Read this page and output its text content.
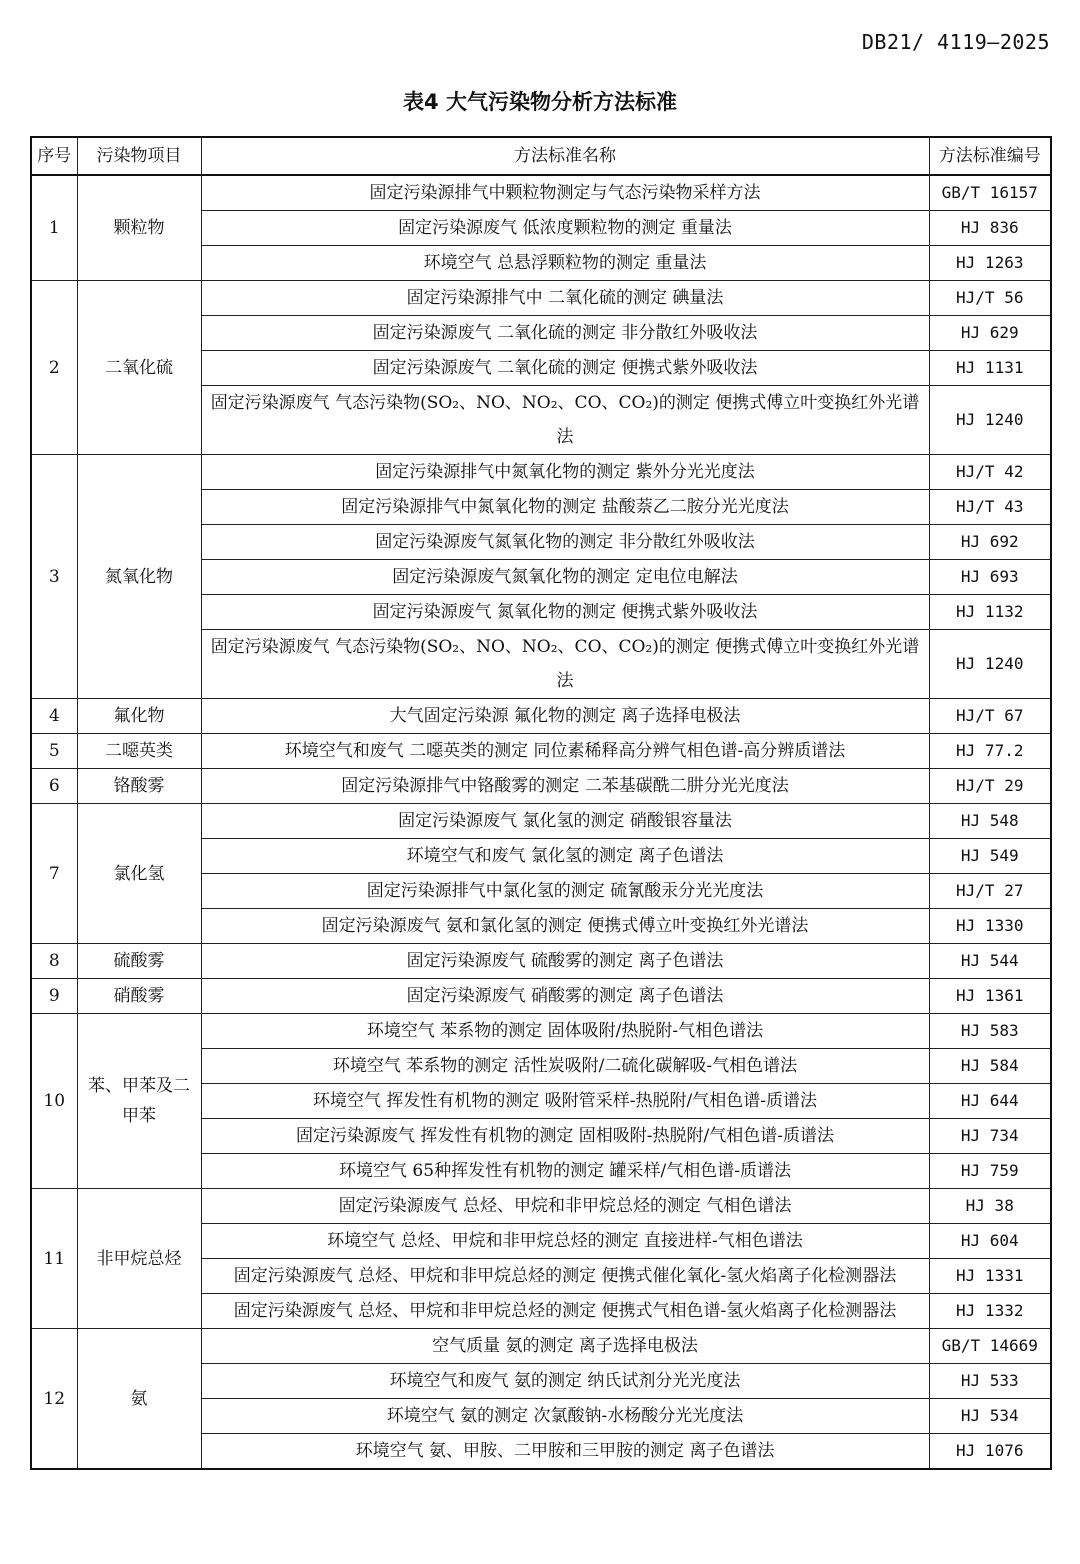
DB21/ 4119—2025
表4 大气污染物分析方法标准
序号	污染物项目	方法标准名称	方法标准编号
1	颗粒物	固定污染源排气中颗粒物测定与气态污染物采样方法	GB/T 16157
		固定污染源废气 低浓度颗粒物的测定 重量法	HJ 836
		环境空气 总悬浮颗粒物的测定 重量法	HJ 1263
2	二氧化硫	固定污染源排气中 二氧化硫的测定 碘量法	HJ/T 56
		固定污染源废气 二氧化硫的测定 非分散红外吸收法	HJ 629
		固定污染源废气 二氧化硫的测定 便携式紫外吸收法	HJ 1131
		固定污染源废气 气态污染物(SO₂、NO、NO₂、CO、CO₂)的测定 便携式傅立叶变换红外光谱法	HJ 1240
3	氮氧化物	固定污染源排气中氮氧化物的测定 紫外分光光度法	HJ/T 42
		固定污染源排气中氮氧化物的测定 盐酸萘乙二胺分光光度法	HJ/T 43
		固定污染源废气氮氧化物的测定 非分散红外吸收法	HJ 692
		固定污染源废气氮氧化物的测定 定电位电解法	HJ 693
		固定污染源废气 氮氧化物的测定 便携式紫外吸收法	HJ 1132
		固定污染源废气 气态污染物(SO₂、NO、NO₂、CO、CO₂)的测定 便携式傅立叶变换红外光谱法	HJ 1240
4	氟化物	大气固定污染源 氟化物的测定 离子选择电极法	HJ/T 67
5	二噁英类	环境空气和废气 二噁英类的测定 同位素稀释高分辨气相色谱-高分辨质谱法	HJ 77.2
6	铬酸雾	固定污染源排气中铬酸雾的测定 二苯基碳酰二肼分光光度法	HJ/T 29
7	氯化氢	固定污染源废气 氯化氢的测定 硝酸银容量法	HJ 548
		环境空气和废气 氯化氢的测定 离子色谱法	HJ 549
		固定污染源排气中氯化氢的测定 硫氰酸汞分光光度法	HJ/T 27
		固定污染源废气 氨和氯化氢的测定 便携式傅立叶变换红外光谱法	HJ 1330
8	硫酸雾	固定污染源废气 硫酸雾的测定 离子色谱法	HJ 544
9	硝酸雾	固定污染源废气 硝酸雾的测定 离子色谱法	HJ 1361
10	苯、甲苯及二甲苯	环境空气 苯系物的测定 固体吸附/热脱附-气相色谱法	HJ 583
		环境空气 苯系物的测定 活性炭吸附/二硫化碳解吸-气相色谱法	HJ 584
		环境空气 挥发性有机物的测定 吸附管采样-热脱附/气相色谱-质谱法	HJ 644
		固定污染源废气 挥发性有机物的测定 固相吸附-热脱附/气相色谱-质谱法	HJ 734
		环境空气 65种挥发性有机物的测定 罐采样/气相色谱-质谱法	HJ 759
11	非甲烷总烃	固定污染源废气 总烃、甲烷和非甲烷总烃的测定 气相色谱法	HJ 38
		环境空气 总烃、甲烷和非甲烷总烃的测定 直接进样-气相色谱法	HJ 604
		固定污染源废气 总烃、甲烷和非甲烷总烃的测定 便携式催化氧化-氢火焰离子化检测器法	HJ 1331
		固定污染源废气 总烃、甲烷和非甲烷总烃的测定 便携式气相色谱-氢火焰离子化检测器法	HJ 1332
12	氨	空气质量 氨的测定 离子选择电极法	GB/T 14669
		环境空气和废气 氨的测定 纳氏试剂分光光度法	HJ 533
		环境空气 氨的测定 次氯酸钠-水杨酸分光光度法	HJ 534
		环境空气 氨、甲胺、二甲胺和三甲胺的测定 离子色谱法	HJ 1076
